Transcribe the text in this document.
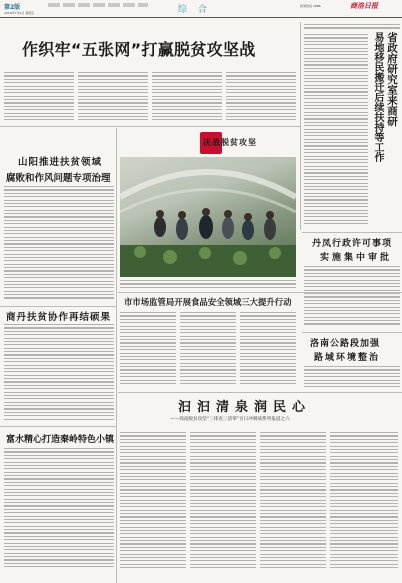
第2版
2018年7月6日 星期五	综 合	新闻热线 2988	商洛日报
作织牢“五张网”打赢脱贫攻坚战	省政府研究室来商研
易地移民搬迁后续扶持等工作
山阳推进扶贫领域
腐败和作风问题专项治理
决战脱贫攻坚
丹凤行政许可事项
实施集中审批
商丹扶贫协作再结硕果
市市场监管局开展食品安全领域三大提升行动
洛南公路段加强
路域环境整治
汩汩清泉润民心
——商南脱贫攻坚“三排查三清零”百日冲刺战系列报道之六
富水精心打造秦岭特色小镇
